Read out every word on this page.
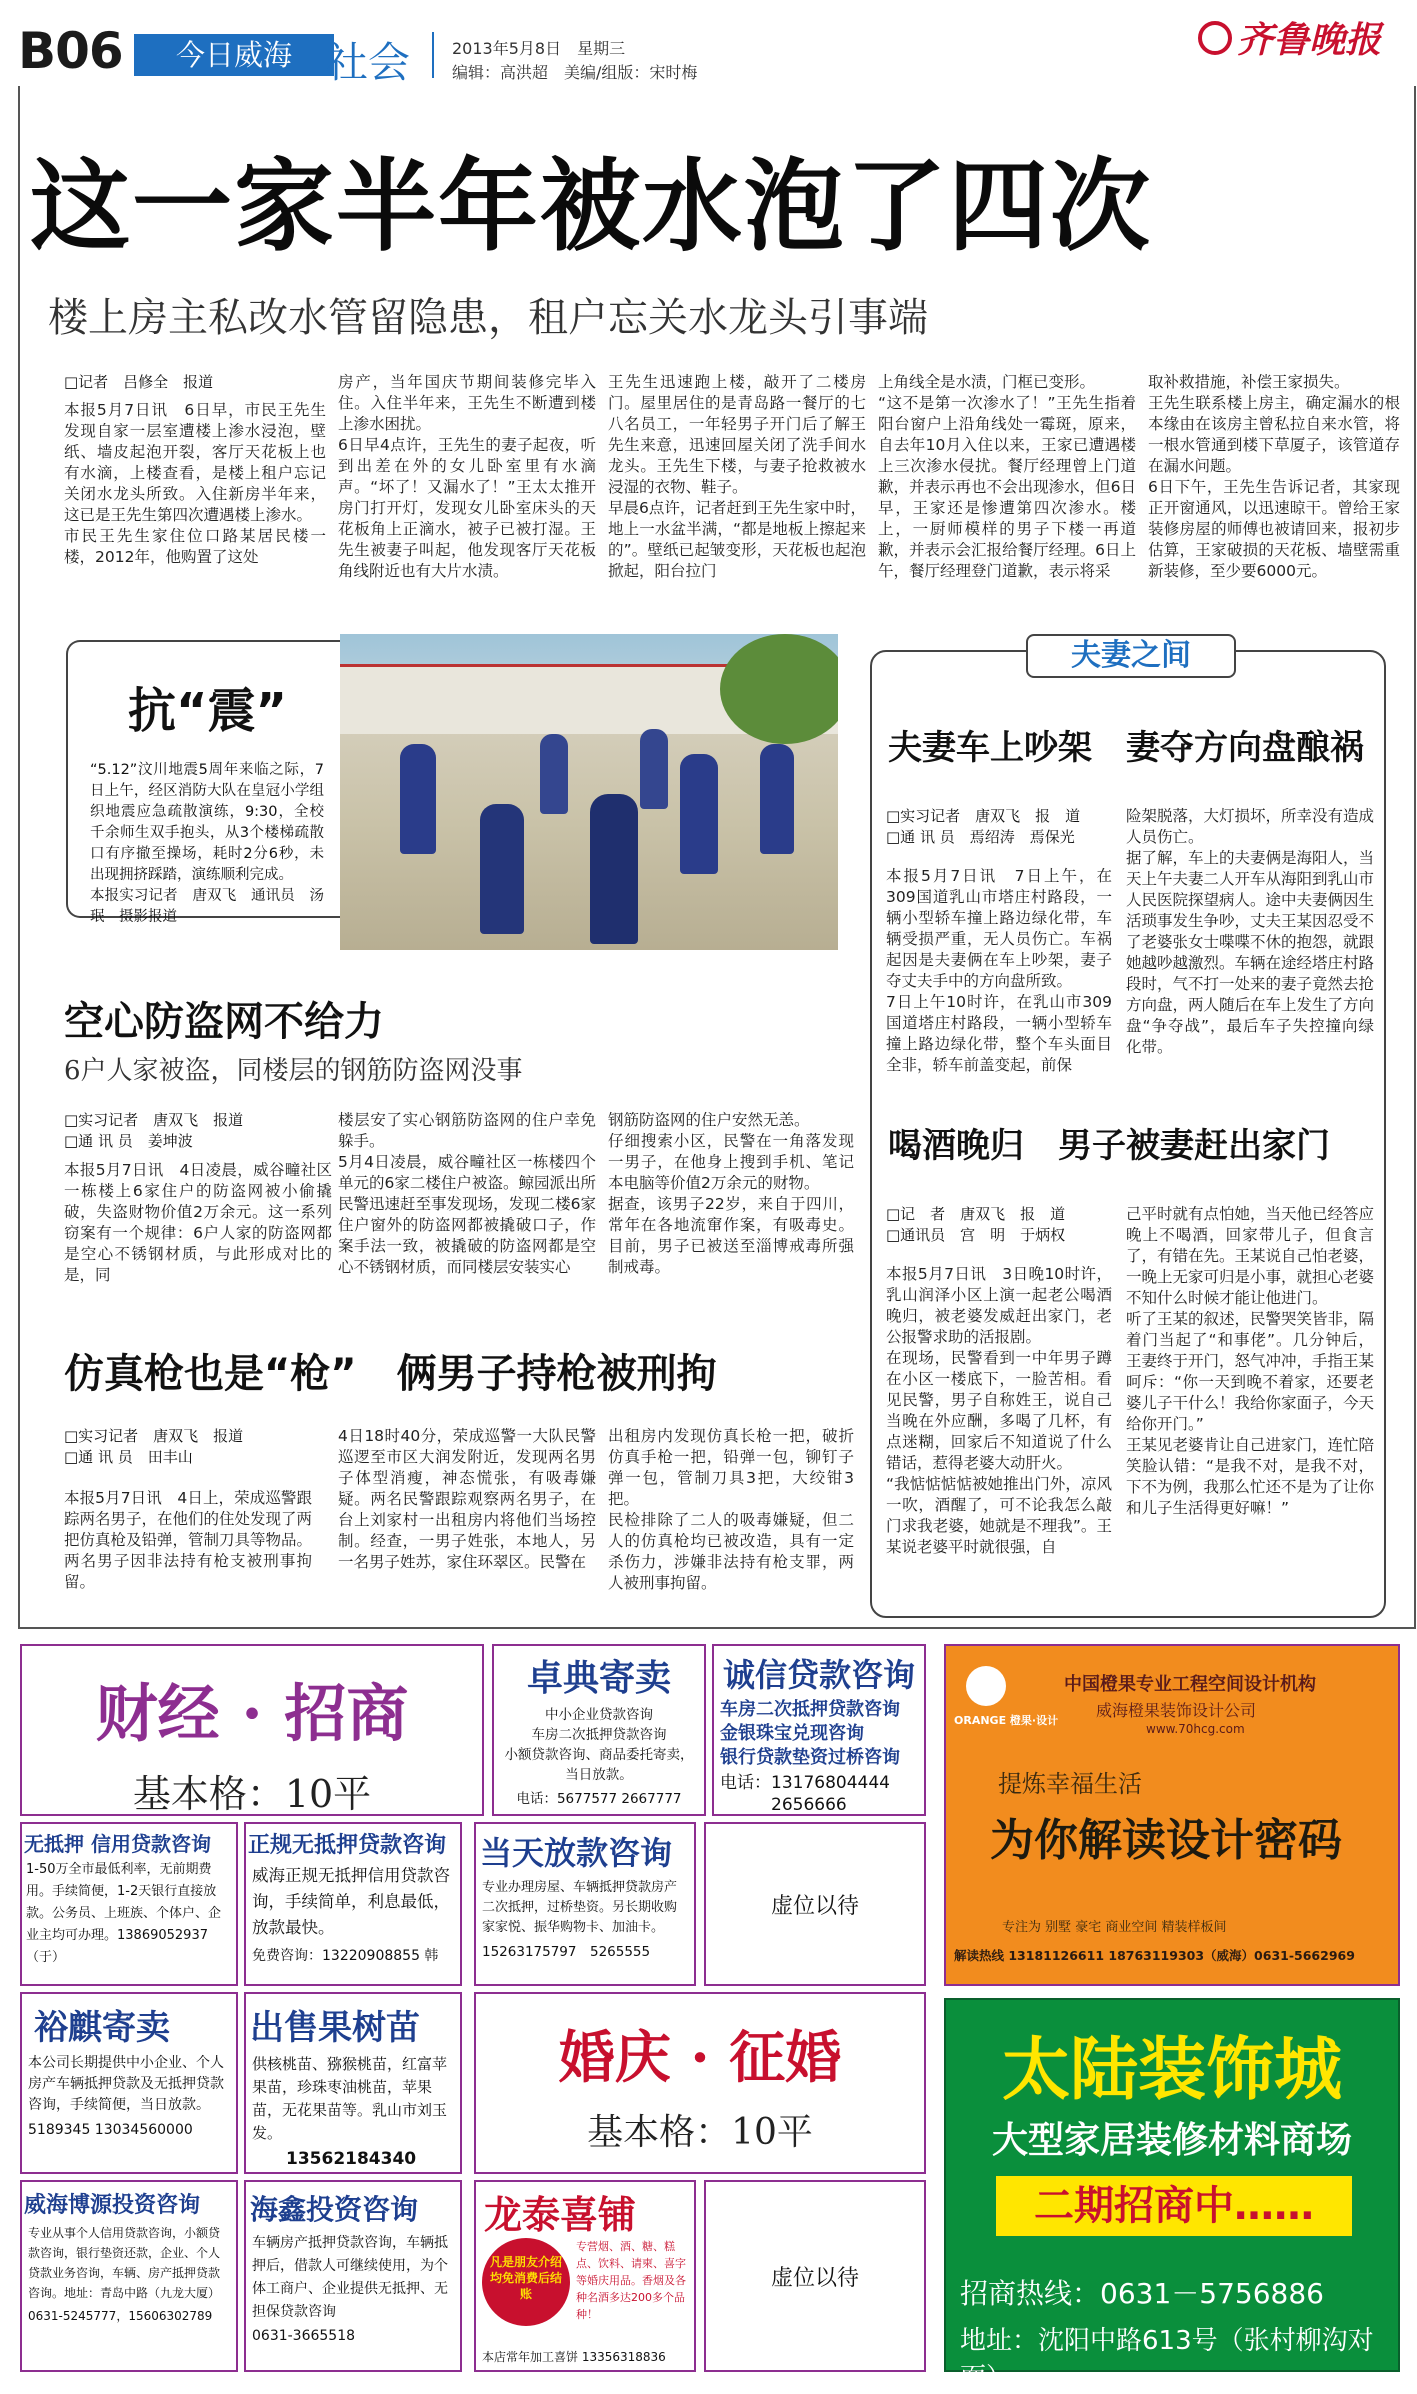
B06	今日威海 社会	2013年5月8日　星期三
编辑：高洪超　美编/组版：宋时梅
齐鲁晚报
这一家半年被水泡了四次
楼上房主私改水管留隐患，租户忘关水龙头引事端
□记者　吕修全　报道
本报5月7日讯　6日早，市民王先生发现自家一层室遭楼上渗水浸泡，壁纸、墙皮起泡开裂，客厅天花板上也有水滴，上楼查看，是楼上租户忘记关闭水龙头所致。入住新房半年来，这已是王先生第四次遭遇楼上渗水。
市民王先生家住位口路某居民楼一楼，2012年，他购置了这处
房产，当年国庆节期间装修完毕入住。入住半年来，王先生不断遭到楼上渗水困扰。
6日早4点许，王先生的妻子起夜，听到出差在外的女儿卧室里有水滴声。“坏了！又漏水了！”王太太推开房门打开灯，发现女儿卧室床头的天花板角上正滴水，被子已被打湿。王先生被妻子叫起，他发现客厅天花板角线附近也有大片水渍。
王先生迅速跑上楼，敲开了二楼房门。屋里居住的是青岛路一餐厅的七八名员工，一年轻男子开门后了解王先生来意，迅速回屋关闭了洗手间水龙头。王先生下楼，与妻子抢救被水浸湿的衣物、鞋子。
早晨6点许，记者赶到王先生家中时，地上一水盆半满，“都是地板上擦起来的”。壁纸已起皱变形，天花板也起泡掀起，阳台拉门
上角线全是水渍，门框已变形。
“这不是第一次渗水了！”王先生指着阳台窗户上沿角线处一霉斑，原来，自去年10月入住以来，王家已遭遇楼上三次渗水侵扰。餐厅经理曾上门道歉，并表示再也不会出现渗水，但6日早，王家还是惨遭第四次渗水。楼上，一厨师模样的男子下楼一再道歉，并表示会汇报给餐厅经理。6日上午，餐厅经理登门道歉，表示将采
取补救措施，补偿王家损失。
王先生联系楼上房主，确定漏水的根本缘由在该房主曾私拉自来水管，将一根水管通到楼下草厦子，该管道存在漏水问题。
6日下午，王先生告诉记者，其家现正开窗通风，以迅速晾干。曾给王家装修房屋的师傅也被请回来，报初步估算，王家破损的天花板、墙壁需重新装修，至少要6000元。
抗“震”
“5.12”汶川地震5周年来临之际，7日上午，经区消防大队在皇冠小学组织地震应急疏散演练，9:30，全校千余师生双手抱头，从3个楼梯疏散口有序撤至操场，耗时2分6秒，未出现拥挤踩踏，演练顺利完成。
本报实习记者　唐双飞　通讯员　汤珉　摄影报道
空心防盗网不给力
6户人家被盗，同楼层的钢筋防盗网没事
□实习记者　唐双飞　报道
□通 讯 员　姜坤波
本报5月7日讯　4日凌晨，威谷疃社区一栋楼上6家住户的防盗网被小偷撬破，失盗财物价值2万余元。这一系列窃案有一个规律：6户人家的防盗网都是空心不锈钢材质，与此形成对比的是，同
楼层安了实心钢筋防盗网的住户幸免躲手。
5月4日凌晨，威谷疃社区一栋楼四个单元的6家二楼住户被盗。鲸园派出所民警迅速赶至事发现场，发现二楼6家住户窗外的防盗网都被撬破口子，作案手法一致，被撬破的防盗网都是空心不锈钢材质，而同楼层安装实心
钢筋防盗网的住户安然无恙。
仔细搜索小区，民警在一角落发现一男子，在他身上搜到手机、笔记本电脑等价值2万余元的财物。
据查，该男子22岁，来自于四川，常年在各地流窜作案，有吸毒史。目前，男子已被送至淄博戒毒所强制戒毒。
仿真枪也是“枪”　俩男子持枪被刑拘
□实习记者　唐双飞　报道
□通 讯 员　田丰山
本报5月7日讯　4日上，荣成巡警跟踪两名男子，在他们的住处发现了两把仿真枪及铅弹，管制刀具等物品。两名男子因非法持有枪支被刑事拘留。
4日18时40分，荣成巡警一大队民警巡逻至市区大润发附近，发现两名男子体型消瘦，神态慌张，有吸毒嫌疑。两名民警跟踪观察两名男子，在台上刘家村一出租房内将他们当场控制。经查，一男子姓张，本地人，另一名男子姓苏，家住环翠区。民警在
出租房内发现仿真长枪一把，破折仿真手枪一把，铅弹一包，铆钉子弹一包，管制刀具3把，大绞钳3把。
民检排除了二人的吸毒嫌疑，但二人的仿真枪均已被改造，具有一定杀伤力，涉嫌非法持有枪支罪，两人被刑事拘留。
夫妻之间
夫妻车上吵架　妻夺方向盘酿祸
□实习记者　唐双飞　报　道
□通 讯 员　焉绍涛　焉保光
本报5月7日讯　7日上午，在309国道乳山市塔庄村路段，一辆小型轿车撞上路边绿化带，车辆受损严重，无人员伤亡。车祸起因是夫妻俩在车上吵架，妻子夺丈夫手中的方向盘所致。
7日上午10时许，在乳山市309国道塔庄村路段，一辆小型轿车撞上路边绿化带，整个车头面目全非，轿车前盖变起，前保
险架脱落，大灯损坏，所幸没有造成人员伤亡。
据了解，车上的夫妻俩是海阳人，当天上午夫妻二人开车从海阳到乳山市人民医院探望病人。途中夫妻俩因生活琐事发生争吵，丈夫王某因忍受不了老婆张女士喋喋不休的抱怨，就跟她越吵越激烈。车辆在途经塔庄村路段时，气不打一处来的妻子竟然去抢方向盘，两人随后在车上发生了方向盘“争夺战”，最后车子失控撞向绿化带。
喝酒晚归　男子被妻赶出家门
□记　者　唐双飞　报　道
□通讯员　宫　明　于炳权
本报5月7日讯　3日晚10时许，乳山润泽小区上演一起老公喝酒晚归，被老婆发威赶出家门，老公报警求助的活报剧。
在现场，民警看到一中年男子蹲在小区一楼底下，一脸苦相。看见民警，男子自称姓王，说自己当晚在外应酬，多喝了几杯，有点迷糊，回家后不知道说了什么错话，惹得老婆大动肝火。
“我惦惦惦惦被她推出门外，凉风一吹，酒醒了，可不论我怎么敲门求我老婆，她就是不理我”。王某说老婆平时就很强，自
己平时就有点怕她，当天他已经答应晚上不喝酒，回家带儿子，但食言了，有错在先。王某说自己怕老婆，一晚上无家可归是小事，就担心老婆不知什么时候才能让他进门。
听了王某的叙述，民警哭笑皆非，隔着门当起了“和事佬”。几分钟后，王妻终于开门，怒气冲冲，手指王某呵斥：“你一天到晚不着家，还要老婆儿子干什么！我给你家面子，今天给你开门。”
王某见老婆肯让自己进家门，连忙陪笑脸认错：“是我不对，是我不对，下不为例，我那么忙还不是为了让你和儿子生活得更好嘛！”
财经 · 招商
基本格：10平
卓典寄卖
中小企业贷款咨询
车房二次抵押贷款咨询
小额贷款咨询、商品委托寄卖，当日放款。
电话：5677577 2667777
诚信贷款咨询
车房二次抵押贷款咨询
金银珠宝兑现咨询
银行贷款垫资过桥咨询
电话：13176804444
　　　2656666
ORANGE 橙果·设计
中国橙果专业工程空间设计机构
威海橙果装饰设计公司
www.70hcg.com
提炼幸福生活
为你解读设计密码
专注为 别墅 豪宅 商业空间 精装样板间
解读热线 13181126611 18763119303（威海）0631-5662969
无抵押 信用贷款咨询
1-50万全市最低利率，无前期费用。手续简便，1-2天银行直接放款。公务员、上班族、个体户、企业主均可办理。13869052937（于）
正规无抵押贷款咨询
威海正规无抵押信用贷款咨询，手续简单，利息最低，放款最快。
免费咨询：13220908855 韩
当天放款咨询
专业办理房屋、车辆抵押贷款房产二次抵押，过桥垫资。另长期收购家家悦、振华购物卡、加油卡。
15263175797　5265555
虚位以待
裕麒寄卖
本公司长期提供中小企业、个人房产车辆抵押贷款及无抵押贷款咨询，手续简便，当日放款。
5189345 13034560000
出售果树苗
供核桃苗、猕猴桃苗，红富苹果苗，珍珠枣油桃苗，苹果苗，无花果苗等。乳山市刘玉发。
13562184340
婚庆 · 征婚
基本格：10平
威海博源投资咨询
专业从事个人信用贷款咨询，小额贷款咨询，银行垫资还款，企业、个人贷款业务咨询，车辆、房产抵押贷款咨询。地址：青岛中路（九龙大厦）
0631-5245777，15606302789
海鑫投资咨询
车辆房产抵押贷款咨询，车辆抵押后，借款人可继续使用，为个体工商户、企业提供无抵押、无担保贷款咨询
0631-3665518
龙泰喜铺
凡是朋友介绍均免消费后结账
专营烟、酒、糖、糕点、饮料、请柬、喜字等婚庆用品。香烟及各种名酒多达200多个品种！
本店常年加工喜饼 13356318836
虚位以待
太陆装饰城
大型家居装修材料商场
二期招商中……
招商热线：0631－5756886
地址：沈阳中路613号（张村柳沟对面）
